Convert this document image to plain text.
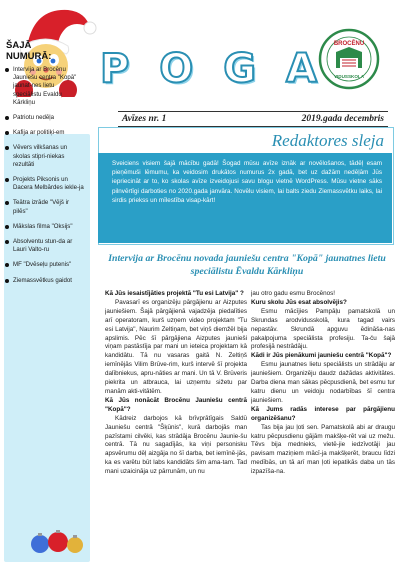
P O G A
BROCĒNU
VIDUSSKOLA
Avīzes nr. 1	2019.gada decembris
ŠAJĀ
NUMURĀ:
Intervija ar Brocēnu Jauniešu centra "Kopā" jaunat-nes lietu speciālistu Evaldu Kārkliņu
Patriotu nedēļa
Kafija ar politiķi-em
Vēvers vilkšanas un skolas stipri-niekas rezultāti
Projekts Piksonis un Dacera Melbārdes iekle-ja
Teātra izrāde "Vējš ir pilēs"
Mākslas filma "Oksijs"
Absolventu stun-da ar Lauri Valto-ru
MF "Dvēseļu putenis"
Ziemassvētkus gaidot
Redaktores sleja
Sveiciens visiem šajā mācību gadā! Šogad mūsu avīze iznāk ar novēlošanos, tādēļ esam pieņēmuši lēmumu, ka veidosim drukātos numurus 2x gadā, bet uz dažām nedēļām Jūs iepriecināt ar to, ko skolas avīze izveidojusi savu blogu vietnē WordPress. Mūsu vietne sāks pilnvērtīgi darboties no 2020.gada janvāra. Novēlu visiem, lai balts ziedu Ziemassvētku laiks, lai sirdis priekss un mīlestība visap-kārt!
Intervija ar Brocēnu novada jauniešu centra "Kopā" jaunatnes lietu speciālistu Ēvaldu Kārkliņu
Kā Jūs iesaistījāties projektā "Tu esi Latvija" ?
Pavasarī es organizēju pārgājienu ar Aizputes jauniešiem. Šajā pārgājienā vajadzēja piedalīties arī operatoram, kurš uzņem video projektam "Tu esi Latvija", Naurim Zeltiņam, bet viņš diemžēl bija apslimis. Pēc šī pārgājiena Aizputes jaunieši viņam pastāstīja par mani un ieteica projektam kā kandidātu. Tā nu vasaras gaitā N. Zeltiņš iemīnējās Vilim Brūve-rim, kurš intervē šī projekta dalībniekus, apru-nāties ar mani. Un tā V. Brūveris piekrita un atbrauca, lai uzņemtu sižetu par manām akti-vitātēm.
Kā Jūs nonācāt Brocēnu Jauniešu centrā "Kopā"?
Kādreiz darbojos kā brīvprātīgais Saldū Jauniešu centrā "Šķūnis", kurā darbojās man pazīstami cilvēki, kas strādāja Brocēnu Jaunie-šu centrā. Tā nu sagadījās, ka viņi personisku apsvērumu dēļ aizgāja no šī darba, bet iemīnē-jās, ka es varētu būt labs kandidāts šim ama-tam. Tad mani uzaicināja uz pārrunām, un nu
jau otro gadu esmu Brocēnos!
Kuru skolu Jūs esat absolvējis?
Esmu mācījies Pampāļu pamatskolā un Skrundas arodvidusskolā, kura tagad vairs nepastāv. Skrundā apguvu ēdināša-nas pakalpojuma speciālista profesiju. Ta-ču šajā profesijā nestrādāju.
Kādi ir Jūs pienākumi jauniešu centrā "Kopā"?
Esmu jaunatnes lietu speciālists un strādāju ar jauniešiem. Organizēju daudz dažādas aktivitātes. Darba diena man sākas pēcpusdienā, bet esmu tur katru dienu un veidoju nodarbības šī centra jauniešiem.
Kā Jums radās interese par pārgājienu organizēšanu?
Tas bija jau ļoti sen. Pamatskolā abi ar draugu katru pēcpusdienu gājām makšķe-rēt vai uz mežu. Tēvs bija mednieks, vietē-jie iedzīvotāji jau pavisam maziņiem mācī-ja makšķerēt, braucu līdzi medībās, un tā arī man ļoti iepatikās daba un tās izpazīša-na.
